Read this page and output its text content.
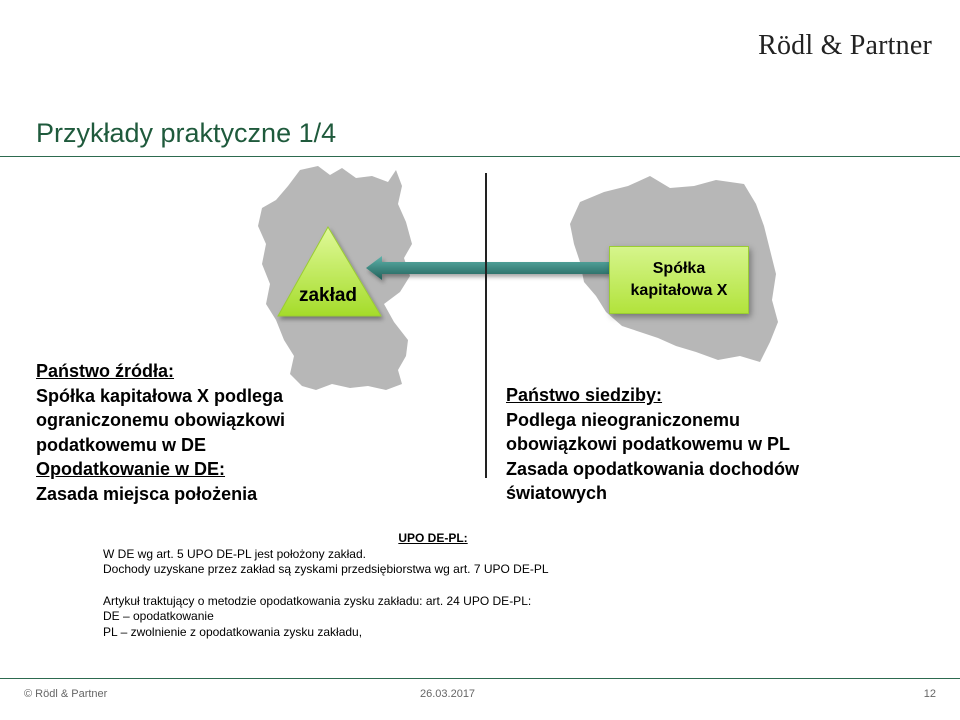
Rödl & Partner
Przykłady praktyczne 1/4
zakład
Spółka
kapitałowa X
Państwo źródła:
Spółka kapitałowa X podlega
ograniczonemu obowiązkowi
podatkowemu w DE
Opodatkowanie w DE:
Zasada miejsca położenia
Państwo siedziby:
Podlega nieograniczonemu
obowiązkowi podatkowemu w PL
Zasada opodatkowania dochodów
światowych
UPO DE-PL:
W DE wg art. 5 UPO DE-PL jest położony zakład.
Dochody uzyskane przez zakład są zyskami przedsiębiorstwa wg art. 7 UPO DE-PL
Artykuł traktujący o metodzie opodatkowania zysku zakładu: art. 24 UPO DE-PL:
DE – opodatkowanie
PL – zwolnienie z opodatkowania zysku zakładu,
© Rödl & Partner	26.03.2017	12
